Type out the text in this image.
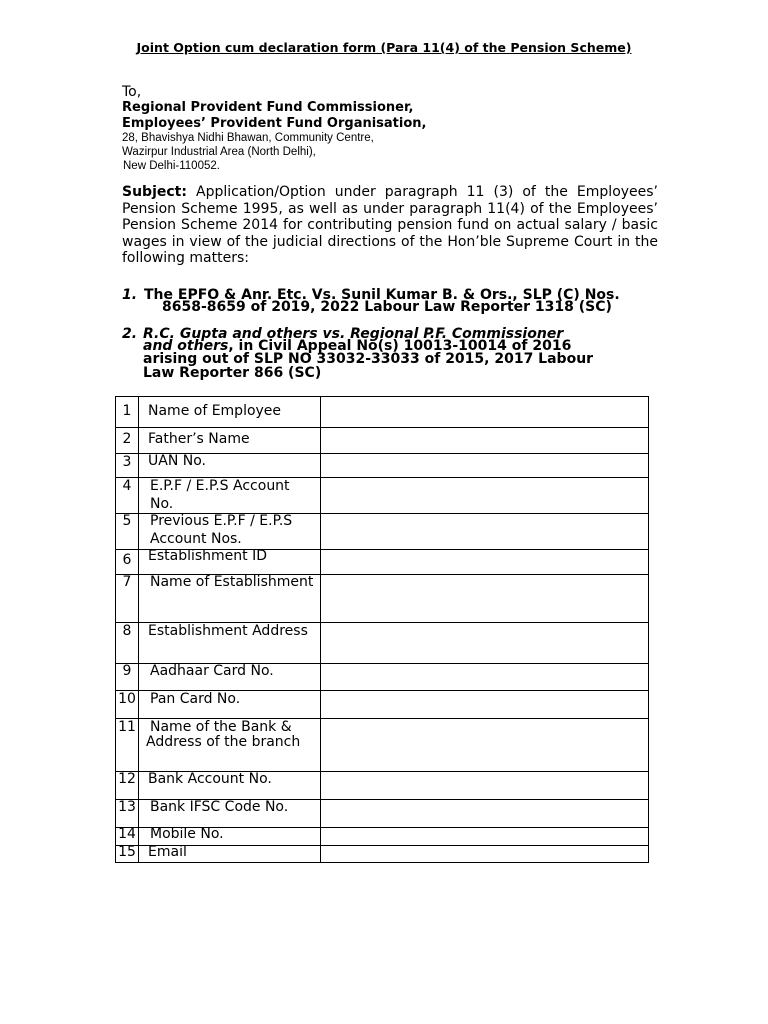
Joint Option cum declaration form (Para 11(4) of the Pension Scheme)
To,
Regional Provident Fund Commissioner,
Employees’ Provident Fund Organisation,
28, Bhavishya Nidhi Bhawan, Community Centre,
Wazirpur Industrial Area (North Delhi),
New Delhi-110052.
Subject: Application/Option under paragraph 11 (3) of the Employees’ Pension Scheme 1995, as well as under paragraph 11(4) of the Employees’ Pension Scheme 2014 for contributing pension fund on actual salary / basic wages in view of the judicial directions of the Hon’ble Supreme Court in the following matters:
1. The EPFO & Anr. Etc. Vs. Sunil Kumar B. & Ors., SLP (C) Nos.
8658-8659 of 2019, 2022 Labour Law Reporter 1318 (SC)
2. R.C. Gupta and others vs. Regional P.F. Commissioner
and others, in Civil Appeal No(s) 10013-10014 of 2016
arising out of SLP NO 33032-33033 of 2015, 2017 Labour
Law Reporter 866 (SC)
1	Name of Employee
2	Father’s Name
3	UAN No.
4	E.P.F / E.P.S Account
No.
5	Previous E.P.F / E.P.S
Account Nos.
6	Establishment ID
7	Name of Establishment
8	Establishment Address
9	Aadhaar Card No.
10 Pan Card No.
11 Name of the Bank &
Address of the branch
12 Bank Account No.
13 Bank IFSC Code No.
14 Mobile No.
15 Email
